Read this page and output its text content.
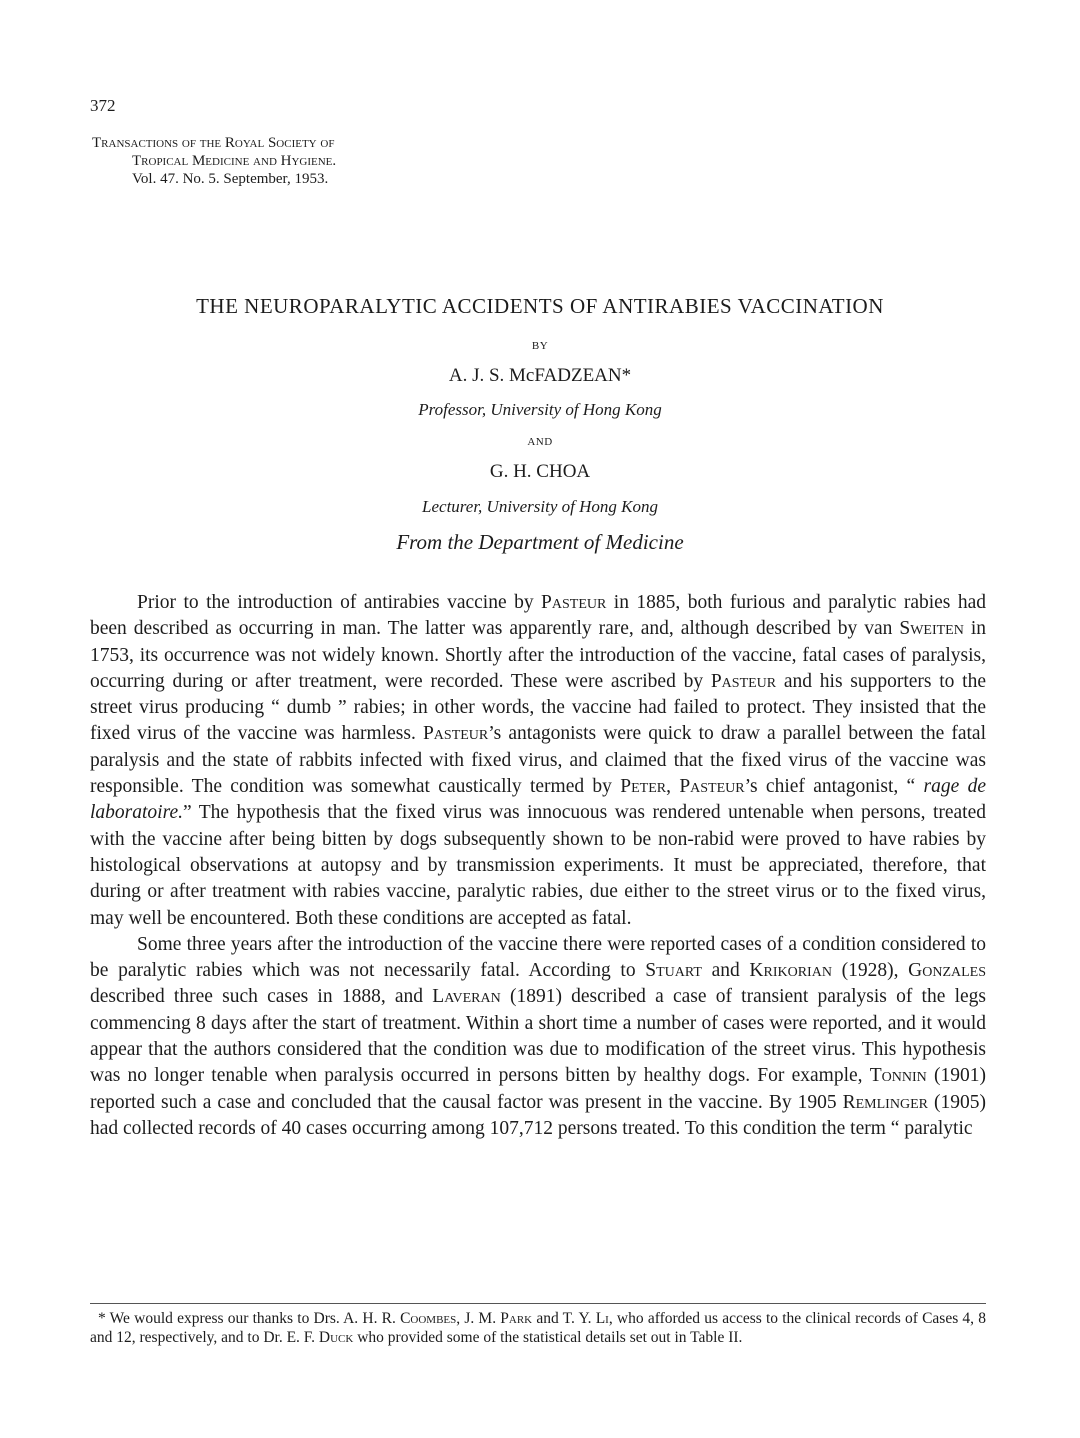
372
Transactions of the Royal Society of
Tropical Medicine and Hygiene.
Vol. 47. No. 5. September, 1953.
THE NEUROPARALYTIC ACCIDENTS OF ANTIRABIES VACCINATION
BY
A. J. S. McFADZEAN*
Professor, University of Hong Kong
AND
G. H. CHOA
Lecturer, University of Hong Kong
From the Department of Medicine

Prior to the introduction of antirabies vaccine by Pasteur in 1885, both furious and paralytic rabies had been described as occurring in man. The latter was apparently rare, and, although described by van Sweiten in 1753, its occurrence was not widely known. Shortly after the introduction of the vaccine, fatal cases of paralysis, occurring during or after treatment, were recorded. These were ascribed by Pasteur and his supporters to the street virus producing “ dumb ” rabies; in other words, the vaccine had failed to protect. They insisted that the fixed virus of the vaccine was harmless. Pasteur’s antagonists were quick to draw a parallel between the fatal paralysis and the state of rabbits infected with fixed virus, and claimed that the fixed virus of the vaccine was responsible. The condition was somewhat caustically termed by Peter, Pasteur’s chief antagonist, “ rage de laboratoire.” The hypothesis that the fixed virus was innocuous was rendered untenable when persons, treated with the vaccine after being bitten by dogs subsequently shown to be non-rabid were proved to have rabies by histological observations at autopsy and by transmission experiments. It must be appreciated, therefore, that during or after treatment with rabies vaccine, paralytic rabies, due either to the street virus or to the fixed virus, may well be encountered. Both these conditions are accepted as fatal.

Some three years after the introduction of the vaccine there were reported cases of a condition considered to be paralytic rabies which was not necessarily fatal. According to Stuart and Krikorian (1928), Gonzales described three such cases in 1888, and Laveran (1891) described a case of transient paralysis of the legs commencing 8 days after the start of treatment. Within a short time a number of cases were reported, and it would appear that the authors considered that the condition was due to modification of the street virus. This hypothesis was no longer tenable when paralysis occurred in persons bitten by healthy dogs. For example, Tonnin (1901) reported such a case and concluded that the causal factor was present in the vaccine. By 1905 Remlinger (1905) had collected records of 40 cases occurring among 107,712 persons treated. To this condition the term “ paralytic

* We would express our thanks to Drs. A. H. R. Coombes, J. M. Park and T. Y. Li, who afforded us access to the clinical records of Cases 4, 8 and 12, respectively, and to Dr. E. F. Duck who provided some of the statistical details set out in Table II.
